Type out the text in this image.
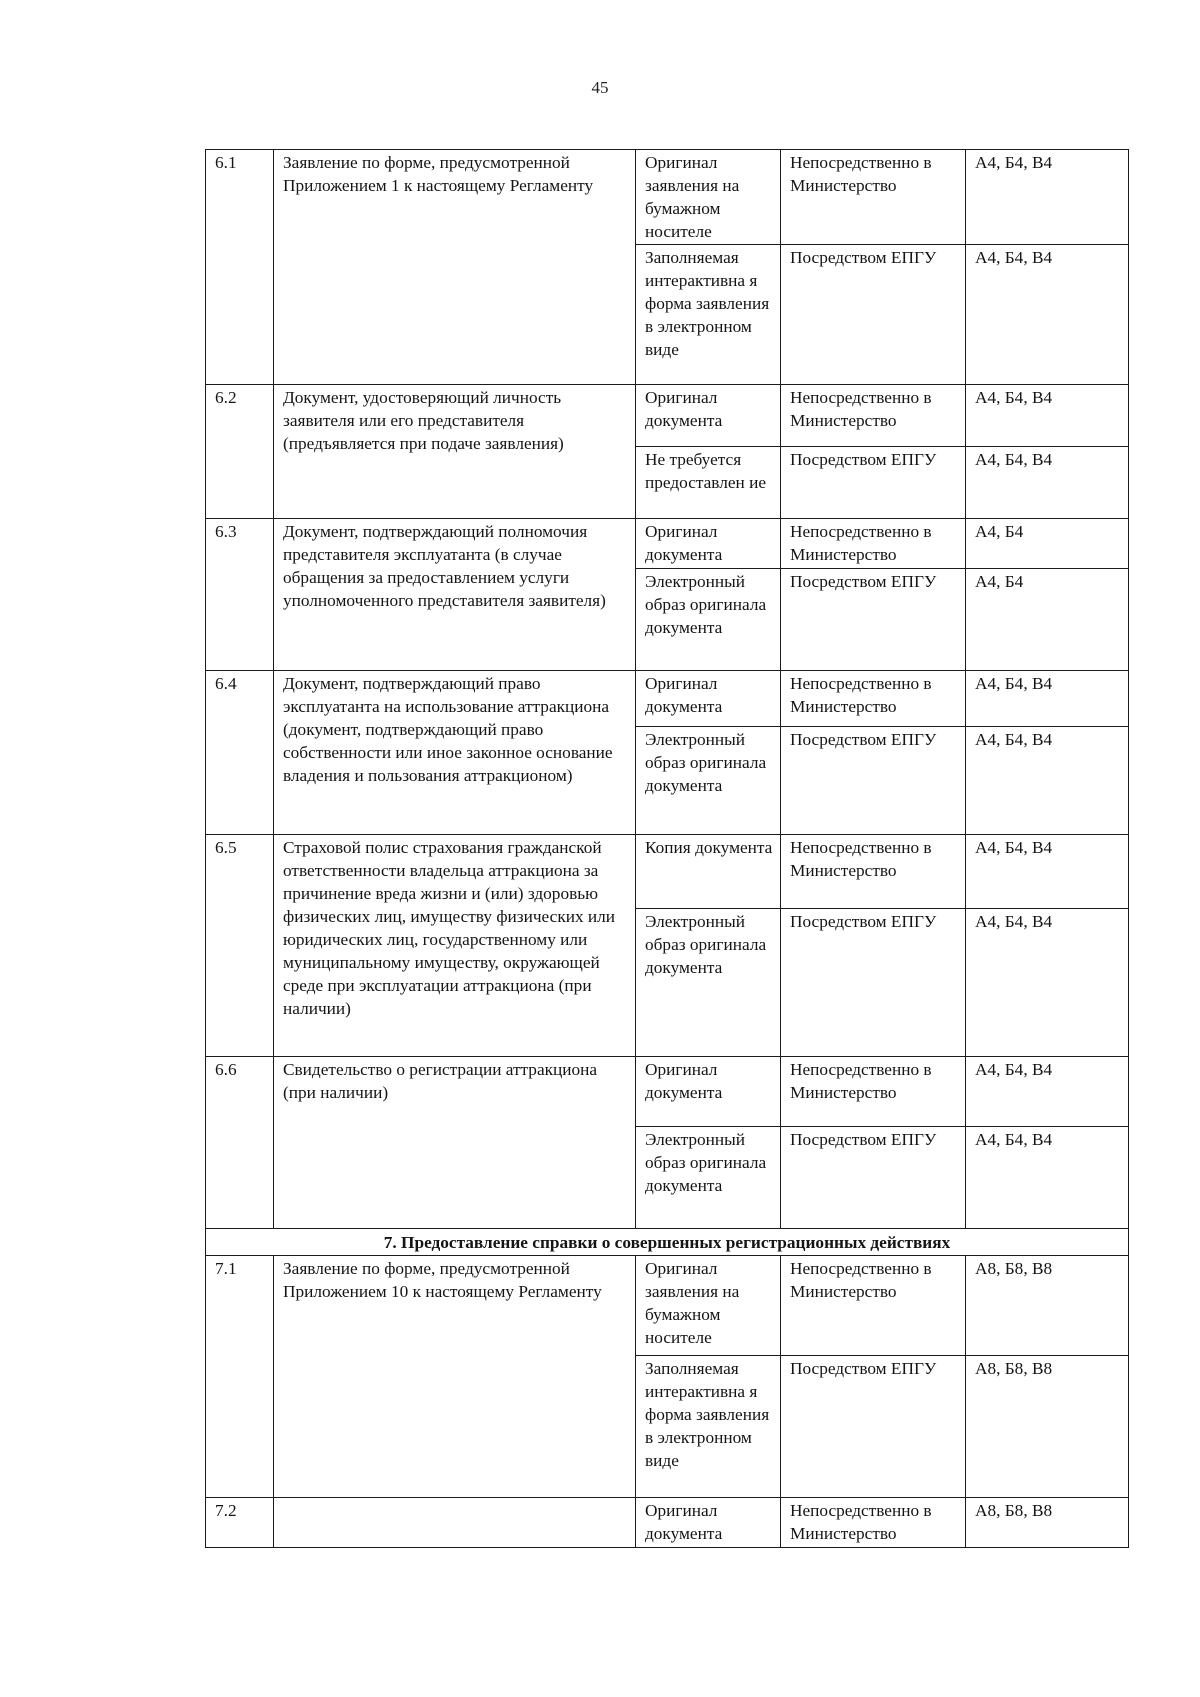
45
6.1	Заявление по форме, предусмотренной Приложением 1 к настоящему Регламенту	Оригинал заявления на бумажном носителе	Непосредственно в Министерство	А4, Б4, В4
		Заполняемая интерактивна я форма заявления в электронном виде	Посредством ЕПГУ	А4, Б4, В4
6.2	Документ, удостоверяющий личность заявителя или его представителя (предъявляется при подаче заявления)	Оригинал документа	Непосредственно в Министерство	А4, Б4, В4
		Не требуется предоставлен ие	Посредством ЕПГУ	А4, Б4, В4
6.3	Документ, подтверждающий полномочия представителя эксплуатанта (в случае обращения за предоставлением услуги уполномоченного представителя заявителя)	Оригинал документа	Непосредственно в Министерство	А4, Б4
		Электронный образ оригинала документа	Посредством ЕПГУ	А4, Б4
6.4	Документ, подтверждающий право эксплуатанта на использование аттракциона (документ, подтверждающий право собственности или иное законное основание владения и пользования аттракционом)	Оригинал документа	Непосредственно в Министерство	А4, Б4, В4
		Электронный образ оригинала документа	Посредством ЕПГУ	А4, Б4, В4
6.5	Страховой полис страхования гражданской ответственности владельца аттракциона за причинение вреда жизни и (или) здоровью физических лиц, имуществу физических или юридических лиц, государственному или муниципальному имуществу, окружающей среде при эксплуатации аттракциона (при наличии)	Копия документа	Непосредственно в Министерство	А4, Б4, В4
		Электронный образ оригинала документа	Посредством ЕПГУ	А4, Б4, В4
6.6	Свидетельство о регистрации аттракциона (при наличии)	Оригинал документа	Непосредственно в Министерство	А4, Б4, В4
		Электронный образ оригинала документа	Посредством ЕПГУ	А4, Б4, В4
7. Предоставление справки о совершенных регистрационных действиях				
7.1	Заявление по форме, предусмотренной Приложением 10 к настоящему Регламенту	Оригинал заявления на бумажном носителе	Непосредственно в Министерство	А8, Б8, В8
		Заполняемая интерактивна я форма заявления в электронном виде	Посредством ЕПГУ	А8, Б8, В8
7.2		Оригинал документа	Непосредственно в Министерство	А8, Б8, В8
